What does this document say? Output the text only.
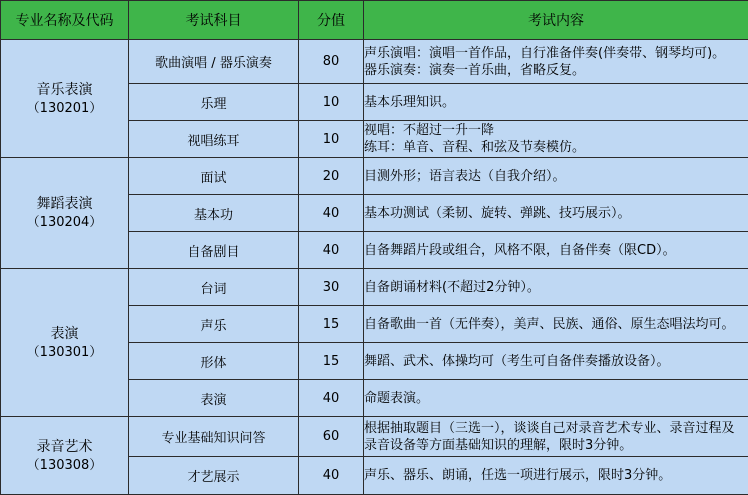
专业名称及代码	考试科目	分值	考试内容

音乐表演
（130201）	歌曲演唱 / 器乐演奏	80	声乐演唱：演唱一首作品，自行准备伴奏(伴奏带、钢琴均可)。
器乐演奏：演奏一首乐曲，省略反复。

	乐理	10	基本乐理知识。

	视唱练耳	10	视唱：不超过一升一降
练耳：单音、音程、和弦及节奏模仿。

舞蹈表演
（130204）	面试	20	目测外形；语言表达（自我介绍）。

	基本功	40	基本功测试（柔韧、旋转、弹跳、技巧展示）。

	自备剧目	40	自备舞蹈片段或组合，风格不限，自备伴奏（限CD）。

表演
（130301）	台词	30	自备朗诵材料(不超过2分钟）。

	声乐	15	自备歌曲一首（无伴奏），美声、民族、通俗、原生态唱法均可。

	形体	15	舞蹈、武术、体操均可（考生可自备伴奏播放设备）。

	表演	40	命题表演。

录音艺术
（130308）	专业基础知识问答	60	根据抽取题目（三选一），谈谈自己对录音艺术专业、录音过程及
录音设备等方面基础知识的理解，限时3分钟。

	才艺展示	40	声乐、器乐、朗诵，任选一项进行展示，限时3分钟。
